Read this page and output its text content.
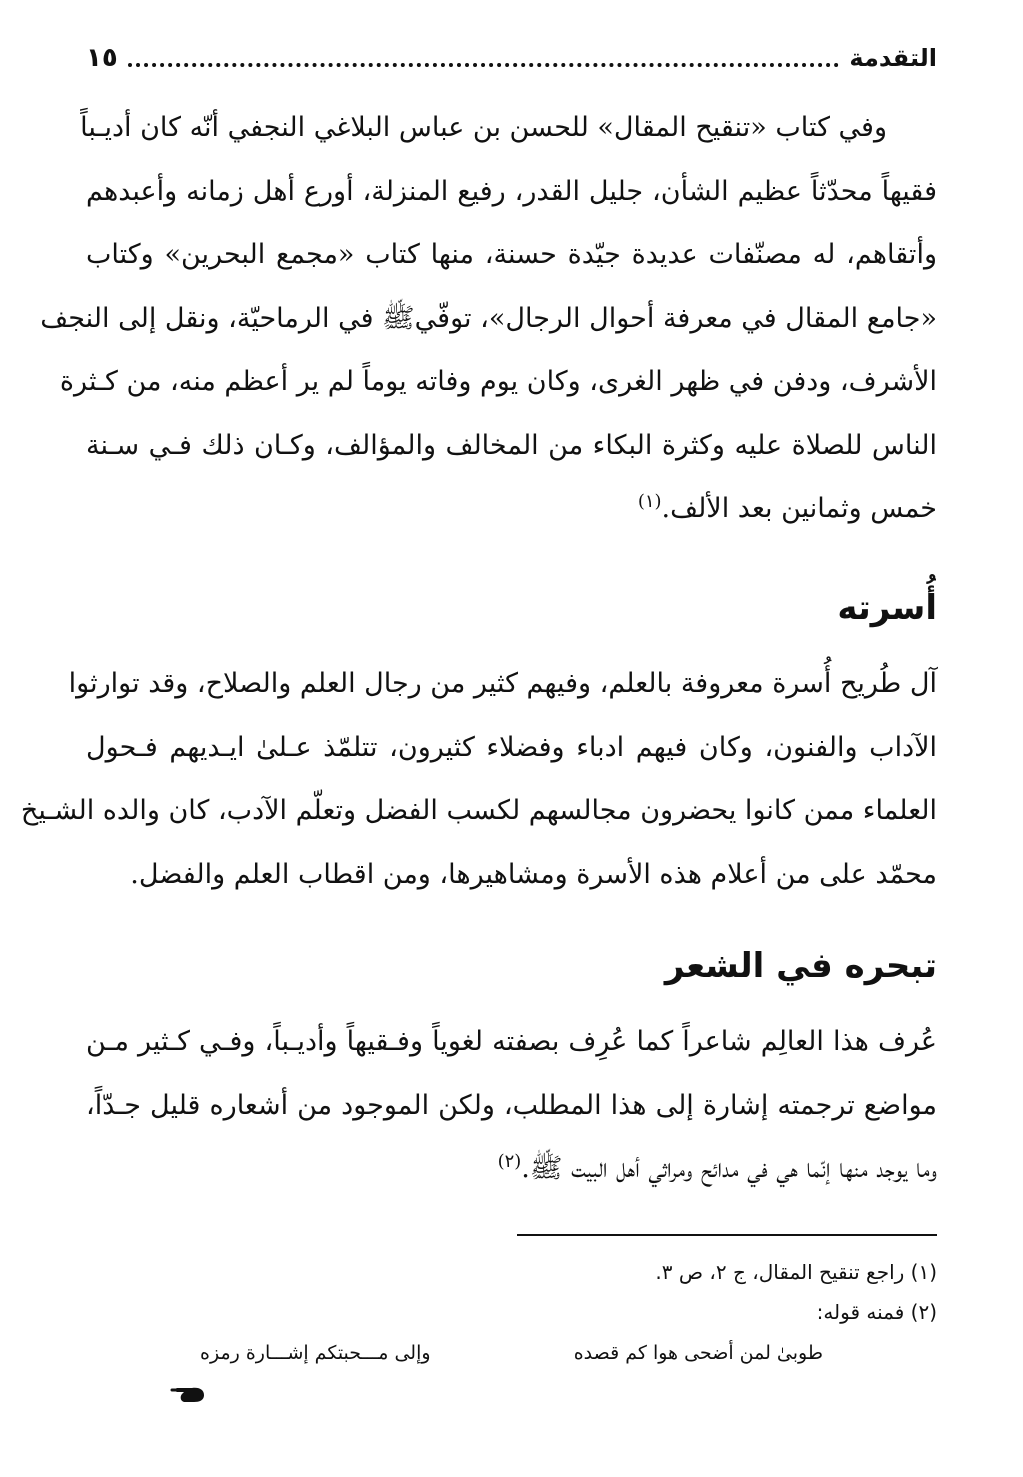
التقدمة
١٥
وفي كتاب «تنقيح المقال» للحسن بن عباس البلاغي النجفي أنّه كان أديـباً
فقيهاً محدّثاً عظيم الشأن، جليل القدر، رفيع المنزلة، أورع أهل زمانه وأعبدهم
وأتقاهم، له مصنّفات عديدة جيّدة حسنة، منها كتاب «مجمع البحرين» وكتاب
«جامع المقال في معرفة أحوال الرجال»، توفّيﷺ في الرماحيّة، ونقل إلى النجف
الأشرف، ودفن في ظهر الغرى، وكان يوم وفاته يوماً لم ير أعظم منه، من كـثرة
الناس للصلاة عليه وكثرة البكاء من المخالف والمؤالف، وكـان ذلك فـي سـنة
خمس وثمانين بعد الألف.$^{(١)}$
أُسرته
آل طُريح أُسرة معروفة بالعلم، وفيهم كثير من رجال العلم والصلاح، وقد توارثوا
الآداب والفنون، وكان فيهم ادباء وفضلاء كثيرون، تتلمّذ عـلىٰ ايـديهم فـحول
العلماء ممن كانوا يحضرون مجالسهم لكسب الفضل وتعلّم الآدب، كان والده الشـيخ
محمّد على من أعلام هذه الأسرة ومشاهيرها، ومن اقطاب العلم والفضل.
تبحره في الشعر
عُرف هذا العالِم شاعراً كما عُرِف بصفته لغوياً وفـقيهاً وأديـباً، وفـي كـثير مـن
مواضع ترجمته إشارة إلى هذا المطلب، ولكن الموجود من أشعاره قليل جـدّاً،
وما يوجد منها إنّما هي في مدائح ومراثي أهل البيت ﷺ.$^{(٢)}$
(١) راجع تنقيح المقال، ج ٢، ص ٣.
(٢) فمنه قوله:
طوبىٰ لمن أضحى هوا كم قصده
وإلى مـــحبتكم إشـــارة رمزه
